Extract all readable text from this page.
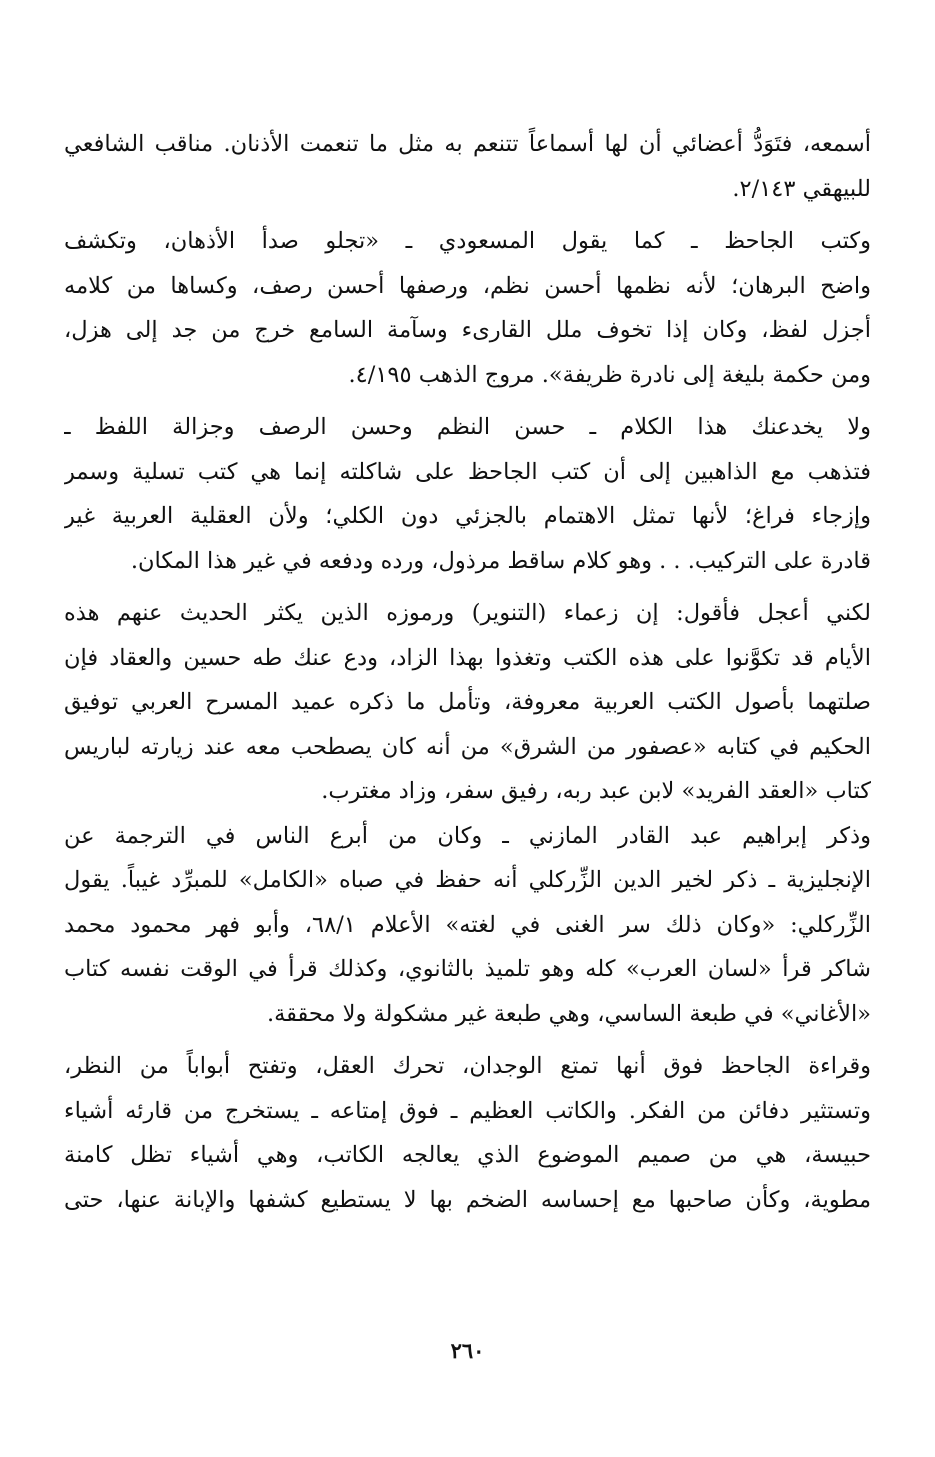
أسمعه، فتَوَدُّ أعضائي أن لها أسماعاً تتنعم به مثل ما تنعمت الأذنان. مناقب الشافعي
للبيهقي ٢/١٤٣.

وكتب الجاحظ ـ كما يقول المسعودي ـ «تجلو صدأ الأذهان، وتكشف
واضح البرهان؛ لأنه نظمها أحسن نظم، ورصفها أحسن رصف، وكساها من كلامه
أجزل لفظ، وكان إذا تخوف ملل القارىء وسآمة السامع خرج من جد إلى هزل،
ومن حكمة بليغة إلى نادرة ظريفة». مروج الذهب ٤/١٩٥.

ولا يخدعنك هذا الكلام ـ حسن النظم وحسن الرصف وجزالة اللفظ ـ
فتذهب مع الذاهبين إلى أن كتب الجاحظ على شاكلته إنما هي كتب تسلية وسمر
وإزجاء فراغ؛ لأنها تمثل الاهتمام بالجزئي دون الكلي؛ ولأن العقلية العربية غير
قادرة على التركيب. . . وهو كلام ساقط مرذول، ورده ودفعه في غير هذا المكان.

لكني أعجل فأقول: إن زعماء (التنوير) ورموزه الذين يكثر الحديث عنهم هذه
الأيام قد تكوَّنوا على هذه الكتب وتغذوا بهذا الزاد، ودع عنك طه حسين والعقاد فإن
صلتهما بأصول الكتب العربية معروفة، وتأمل ما ذكره عميد المسرح العربي توفيق
الحكيم في كتابه «عصفور من الشرق» من أنه كان يصطحب معه عند زيارته لباريس
كتاب «العقد الفريد» لابن عبد ربه، رفيق سفر، وزاد مغترب.

وذكر إبراهيم عبد القادر المازني ـ وكان من أبرع الناس في الترجمة عن
الإنجليزية ـ ذكر لخير الدين الزِّركلي أنه حفظ في صباه «الكامل» للمبرِّد غيباً. يقول
الزِّركلي: «وكان ذلك سر الغنى في لغته» الأعلام ٦٨/١، وأبو فهر محمود محمد
شاكر قرأ «لسان العرب» كله وهو تلميذ بالثانوي، وكذلك قرأ في الوقت نفسه كتاب
«الأغاني» في طبعة الساسي، وهي طبعة غير مشكولة ولا محققة.

وقراءة الجاحظ فوق أنها تمتع الوجدان، تحرك العقل، وتفتح أبواباً من النظر،
وتستثير دفائن من الفكر. والكاتب العظيم ـ فوق إمتاعه ـ يستخرج من قارئه أشياء
حبيسة، هي من صميم الموضوع الذي يعالجه الكاتب، وهي أشياء تظل كامنة
مطوية، وكأن صاحبها مع إحساسه الضخم بها لا يستطيع كشفها والإبانة عنها، حتى

٢٦٠
